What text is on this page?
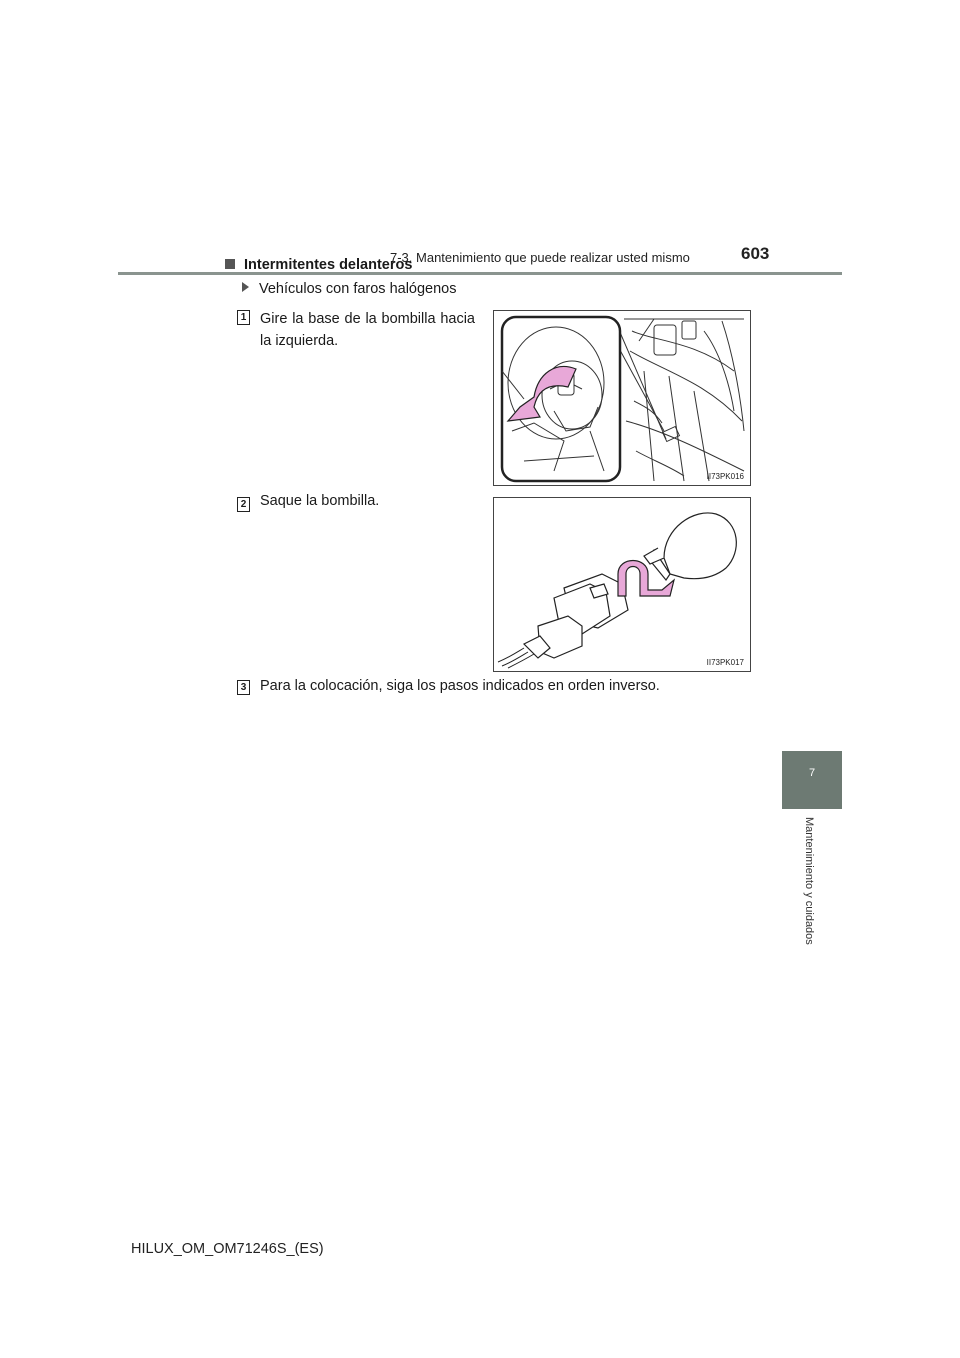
7-3. Mantenimiento que puede realizar usted mismo	603
7
Mantenimiento y cuidados
Intermitentes delanteros
Vehículos con faros halógenos
1 Gire la base de la bombilla hacia la izquierda.
II73PK016
2 Saque la bombilla.
II73PK017
3 Para la colocación, siga los pasos indicados en orden inverso.
HILUX_OM_OM71246S_(ES)
